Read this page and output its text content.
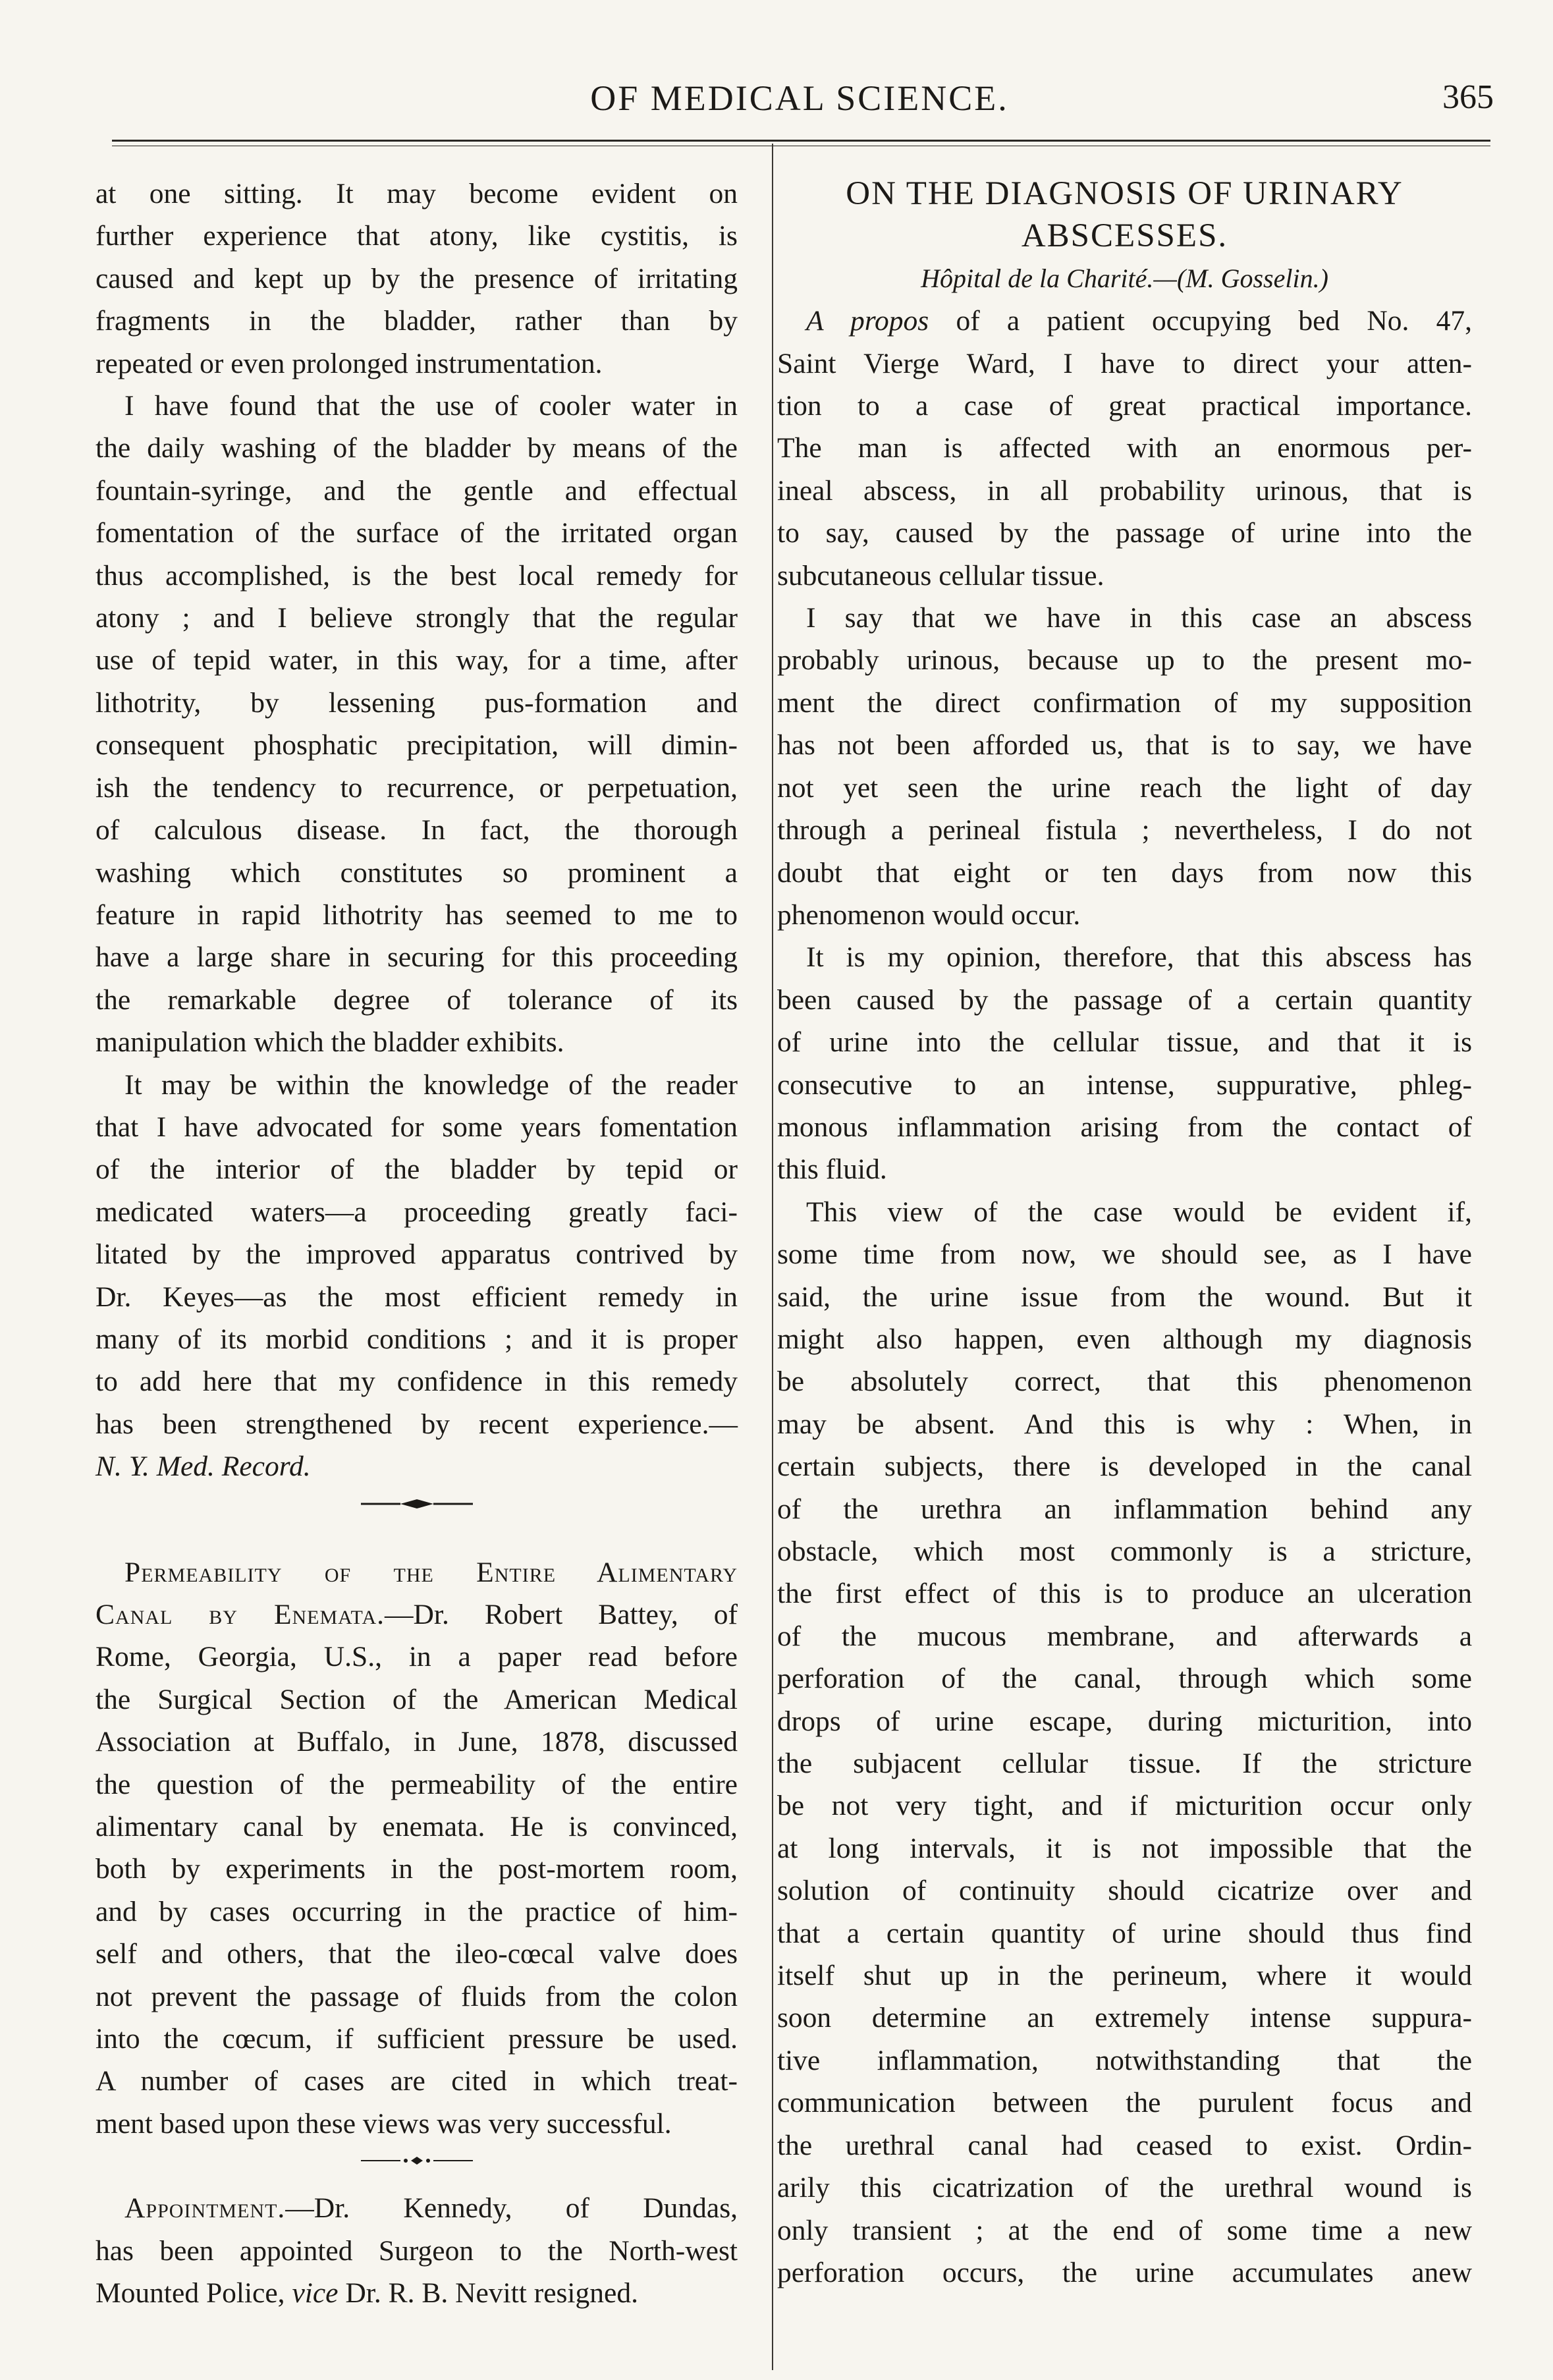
OF MEDICAL SCIENCE.	365
at one sitting. It may become evident on
further experience that atony, like cystitis, is
caused and kept up by the presence of irritating
fragments in the bladder, rather than by
repeated or even prolonged instrumentation.
I have found that the use of cooler water in
the daily washing of the bladder by means of the
fountain-syringe, and the gentle and effectual
fomentation of the surface of the irritated organ
thus accomplished, is the best local remedy for
atony ; and I believe strongly that the regular
use of tepid water, in this way, for a time, after
lithotrity, by lessening pus-formation and
consequent phosphatic precipitation, will dimin-
ish the tendency to recurrence, or perpetuation,
of calculous disease. In fact, the thorough
washing which constitutes so prominent a
feature in rapid lithotrity has seemed to me to
have a large share in securing for this proceeding
the remarkable degree of tolerance of its
manipulation which the bladder exhibits.
It may be within the knowledge of the reader
that I have advocated for some years fomentation
of the interior of the bladder by tepid or
medicated waters—a proceeding greatly faci-
litated by the improved apparatus contrived by
Dr. Keyes—as the most efficient remedy in
many of its morbid conditions ; and it is proper
to add here that my confidence in this remedy
has been strengthened by recent experience.—
N. Y. Med. Record.
Permeability of the Entire Alimentary
Canal by Enemata.—Dr. Robert Battey, of
Rome, Georgia, U.S., in a paper read before
the Surgical Section of the American Medical
Association at Buffalo, in June, 1878, discussed
the question of the permeability of the entire
alimentary canal by enemata. He is convinced,
both by experiments in the post-mortem room,
and by cases occurring in the practice of him-
self and others, that the ileo-cœcal valve does
not prevent the passage of fluids from the colon
into the cœcum, if sufficient pressure be used.
A number of cases are cited in which treat-
ment based upon these views was very successful.
Appointment.—Dr. Kennedy, of Dundas,
has been appointed Surgeon to the North-west
Mounted Police, vice Dr. R. B. Nevitt resigned.
ON THE DIAGNOSIS OF URINARY
ABSCESSES.
Hôpital de la Charité.—(M. Gosselin.)
A propos of a patient occupying bed No. 47,
Saint Vierge Ward, I have to direct your atten-
tion to a case of great practical importance.
The man is affected with an enormous per-
ineal abscess, in all probability urinous, that is
to say, caused by the passage of urine into the
subcutaneous cellular tissue.
I say that we have in this case an abscess
probably urinous, because up to the present mo-
ment the direct confirmation of my supposition
has not been afforded us, that is to say, we have
not yet seen the urine reach the light of day
through a perineal fistula ; nevertheless, I do not
doubt that eight or ten days from now this
phenomenon would occur.
It is my opinion, therefore, that this abscess has
been caused by the passage of a certain quantity
of urine into the cellular tissue, and that it is
consecutive to an intense, suppurative, phleg-
monous inflammation arising from the contact of
this fluid.
This view of the case would be evident if,
some time from now, we should see, as I have
said, the urine issue from the wound. But it
might also happen, even although my diagnosis
be absolutely correct, that this phenomenon
may be absent. And this is why : When, in
certain subjects, there is developed in the canal
of the urethra an inflammation behind any
obstacle, which most commonly is a stricture,
the first effect of this is to produce an ulceration
of the mucous membrane, and afterwards a
perforation of the canal, through which some
drops of urine escape, during micturition, into
the subjacent cellular tissue. If the stricture
be not very tight, and if micturition occur only
at long intervals, it is not impossible that the
solution of continuity should cicatrize over and
that a certain quantity of urine should thus find
itself shut up in the perineum, where it would
soon determine an extremely intense suppura-
tive inflammation, notwithstanding that the
communication between the purulent focus and
the urethral canal had ceased to exist. Ordin-
arily this cicatrization of the urethral wound is
only transient ; at the end of some time a new
perforation occurs, the urine accumulates anew
